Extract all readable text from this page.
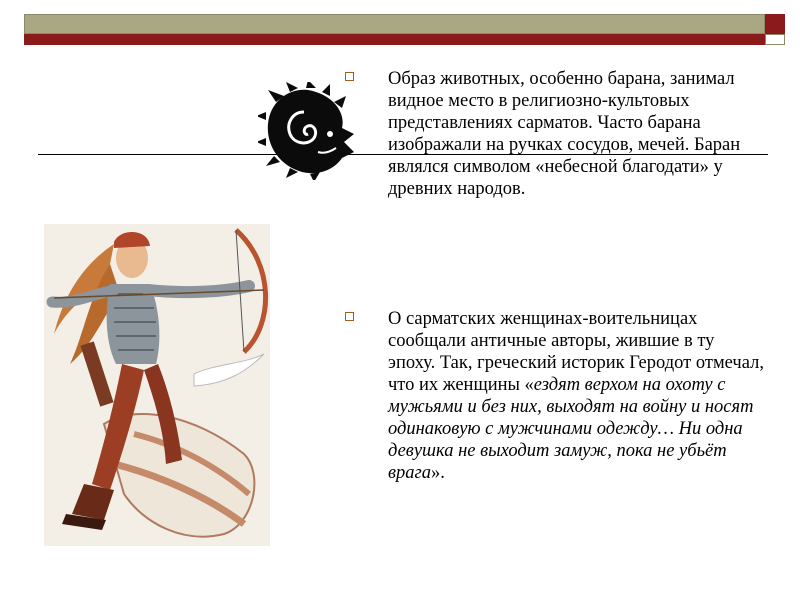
Образ животных, особенно барана, занимал видное место в религиозно-культовых представлениях сарматов. Часто барана изображали на ручках сосудов, мечей. Баран являлся символом «небесной благодати» у древних народов.
О сарматских женщинах-воительницах сообщали античные авторы, жившие в ту эпоху. Так, греческий историк Геродот отмечал, что их женщины «ездят верхом на охоту с мужьями и без них, выходят на войну и носят одинаковую с мужчинами одежду… Ни одна девушка не выходит замуж, пока не убьёт врага».
